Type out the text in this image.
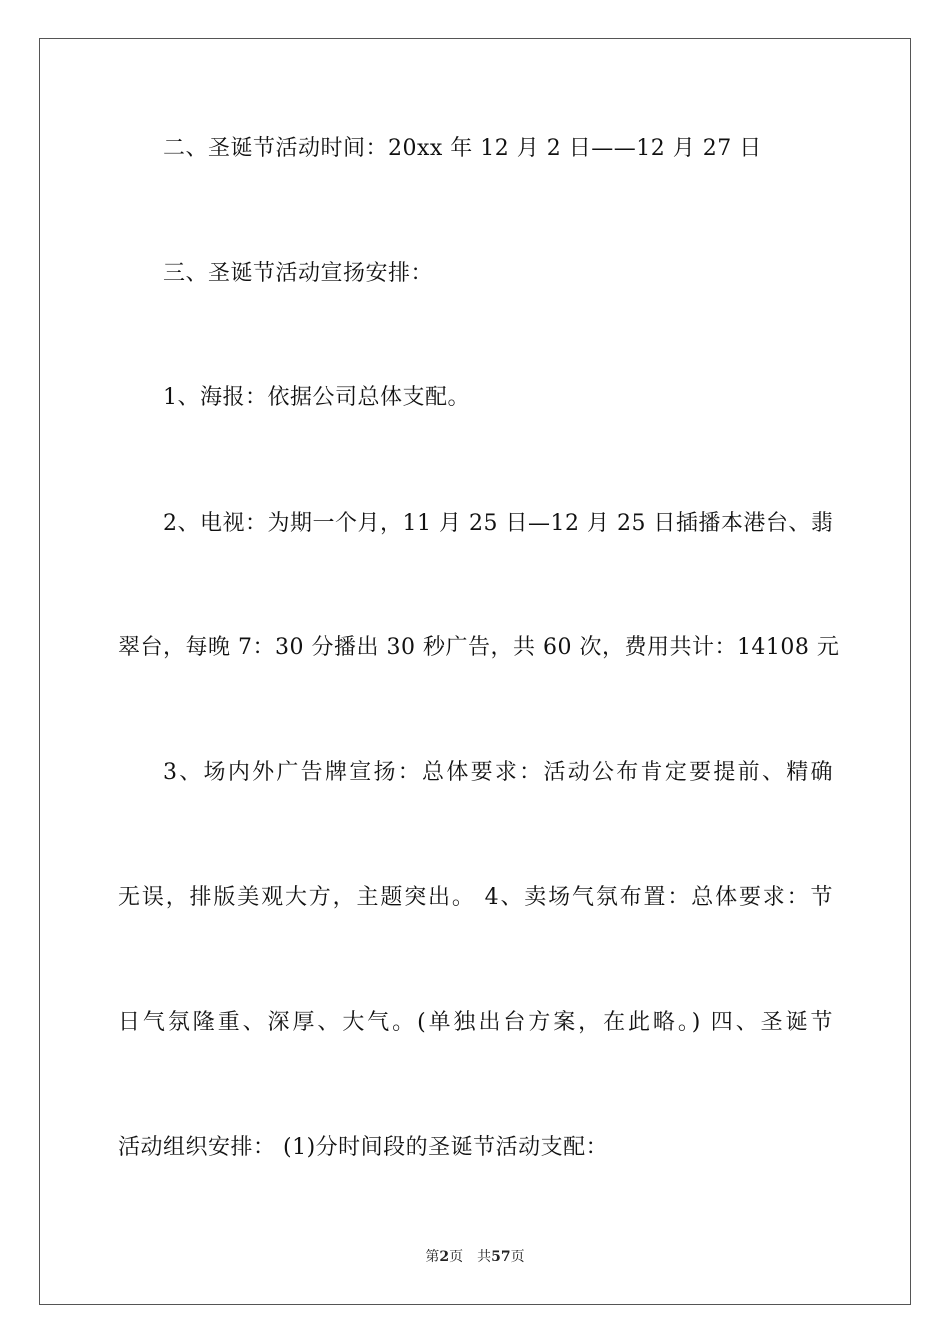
二、圣诞节活动时间：20xx 年 12 月 2 日——12 月 27 日
三、圣诞节活动宣扬安排：
1、海报：依据公司总体支配。
2、电视：为期一个月，11 月 25 日—12 月 25 日插播本港台、翡
翠台，每晚 7：30 分播出 30 秒广告，共 60 次，费用共计：14108 元
3、场内外广告牌宣扬：总体要求：活动公布肯定要提前、精确
无误，排版美观大方，主题突出。 4、卖场气氛布置：总体要求：节
日气氛隆重、深厚、大气。(单独出台方案，在此略。) 四、圣诞节
活动组织安排： (1)分时间段的圣诞节活动支配：
第2页 共57页
